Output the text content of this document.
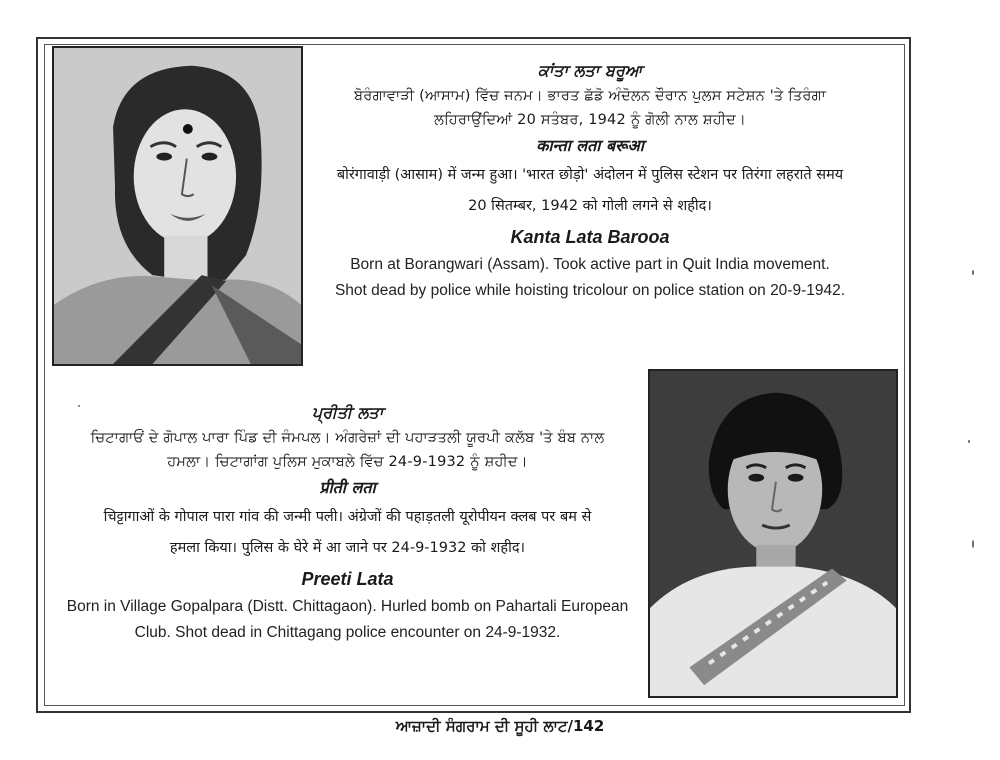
ਕਾਂਤਾ ਲਤਾ ਬਰੂਆ
ਬੋਰੰਗਾਵਾੜੀ (ਆਸਾਮ) ਵਿੱਚ ਜਨਮ। ਭਾਰਤ ਛੱਡੋ ਅੰਦੋਲਨ ਦੌਰਾਨ ਪੁਲਸ ਸਟੇਸ਼ਨ 'ਤੇ ਤਿਰੰਗਾ
ਲਹਿਰਾਉਂਦਿਆਂ 20 ਸਤੰਬਰ, 1942 ਨੂੰ ਗੋਲੀ ਨਾਲ ਸ਼ਹੀਦ।
कान्ता लता बरूआ
बोरंगावाड़ी (आसाम) में जन्म हुआ। 'भारत छोड़ो' अंदोलन में पुलिस स्टेशन पर तिरंगा लहराते समय
20 सितम्बर, 1942 को गोली लगने से शहीद।
Kanta Lata Barooa
Born at Borangwari (Assam). Took active part in Quit India movement.
Shot dead by police while hoisting tricolour on police station on 20-9-1942.
ਪ੍ਰੀਤੀ ਲਤਾ
ਚਿਟਾਗਾਓਂ ਦੇ ਗੋਪਾਲ ਪਾਰਾ ਪਿੰਡ ਦੀ ਜੰਮਪਲ। ਅੰਗਰੇਜ਼ਾਂ ਦੀ ਪਹਾੜਤਲੀ ਯੂਰਪੀ ਕਲੱਬ 'ਤੇ ਬੰਬ ਨਾਲ
ਹਮਲਾ। ਚਿਟਾਗਾਂਗ ਪੁਲਿਸ ਮੁਕਾਬਲੇ ਵਿੱਚ 24-9-1932 ਨੂੰ ਸ਼ਹੀਦ।
प्रीती लता
चिट्टागाओं के गोपाल पारा गांव की जन्मी पली। अंग्रेजों की पहाड़तली यूरोपीयन क्लब पर बम से
हमला किया। पुलिस के घेरे में आ जाने पर 24-9-1932 को शहीद।
Preeti Lata
Born in Village Gopalpara (Distt. Chittagaon). Hurled bomb on Pahartali European
Club. Shot dead in Chittagang police encounter on 24-9-1932.
ਆਜ਼ਾਦੀ ਸੰਗਰਾਮ ਦੀ ਸੂਹੀ ਲਾਟ/142
